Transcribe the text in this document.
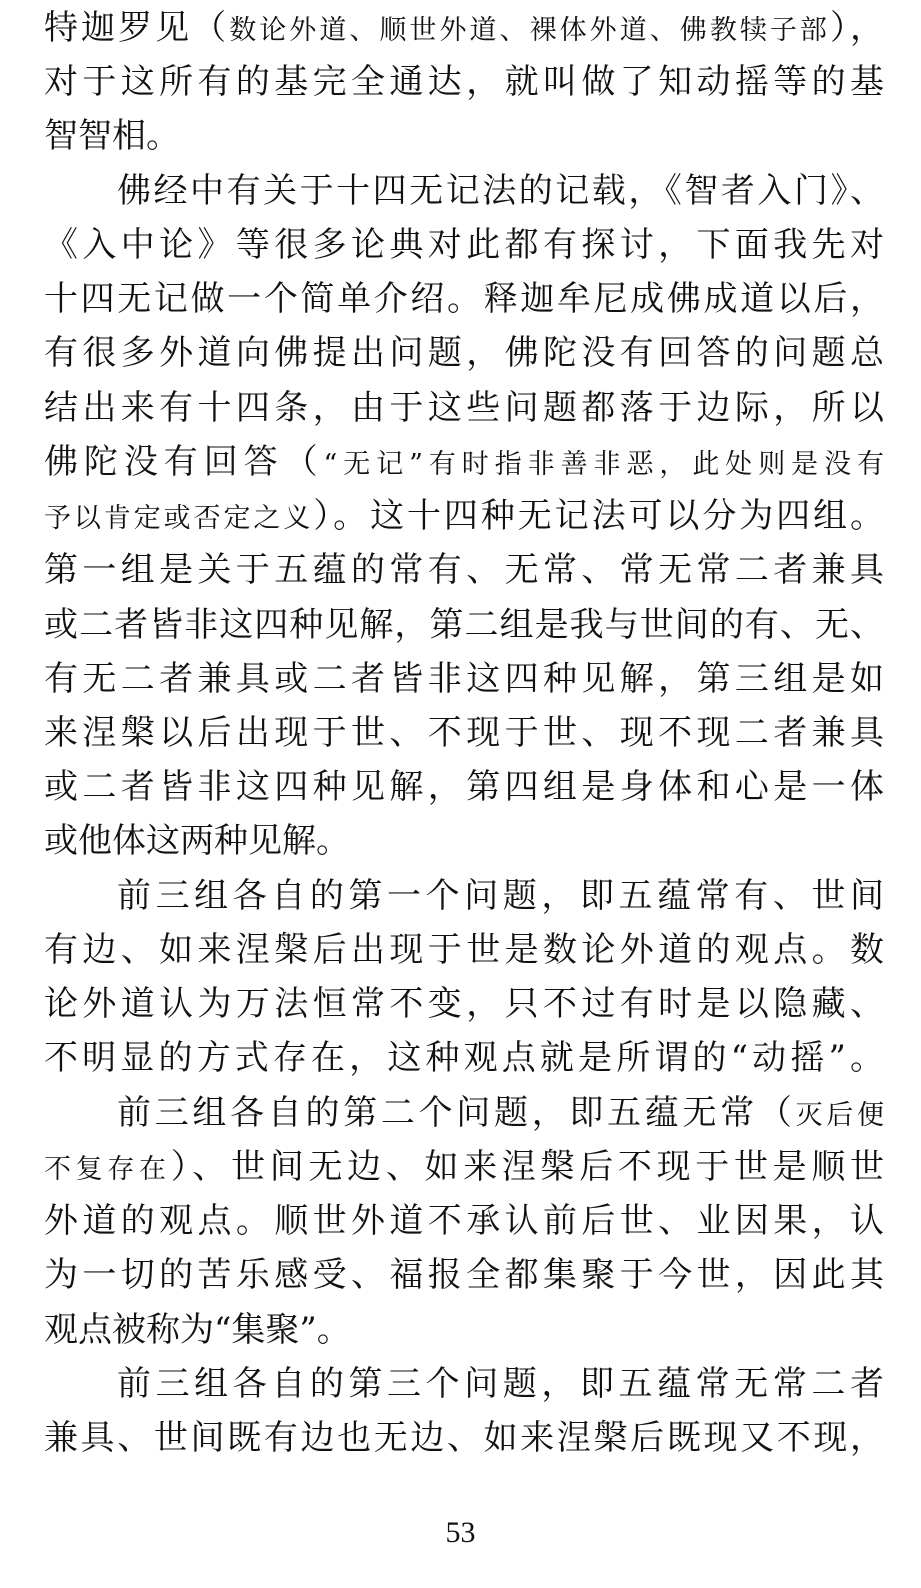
特迦罗见（数论外道、顺世外道、裸体外道、佛教犊子部），
对于这所有的基完全通达，就叫做了知动摇等的基
智智相。
佛经中有关于十四无记法的记载，《智者入门》、
《入中论》等很多论典对此都有探讨，下面我先对
十四无记做一个简单介绍。释迦牟尼成佛成道以后，
有很多外道向佛提出问题，佛陀没有回答的问题总
结出来有十四条，由于这些问题都落于边际，所以
佛陀没有回答（“无记”有时指非善非恶，此处则是没有
予以肯定或否定之义）。这十四种无记法可以分为四组。
第一组是关于五蕴的常有、无常、常无常二者兼具
或二者皆非这四种见解，第二组是我与世间的有、无、
有无二者兼具或二者皆非这四种见解，第三组是如
来涅槃以后出现于世、不现于世、现不现二者兼具
或二者皆非这四种见解，第四组是身体和心是一体
或他体这两种见解。
前三组各自的第一个问题，即五蕴常有、世间
有边、如来涅槃后出现于世是数论外道的观点。数
论外道认为万法恒常不变，只不过有时是以隐藏、
不明显的方式存在，这种观点就是所谓的“动摇”。
前三组各自的第二个问题，即五蕴无常（灭后便
不复存在）、世间无边、如来涅槃后不现于世是顺世
外道的观点。顺世外道不承认前后世、业因果，认
为一切的苦乐感受、福报全都集聚于今世，因此其
观点被称为“集聚”。
前三组各自的第三个问题，即五蕴常无常二者
兼具、世间既有边也无边、如来涅槃后既现又不现，
53
